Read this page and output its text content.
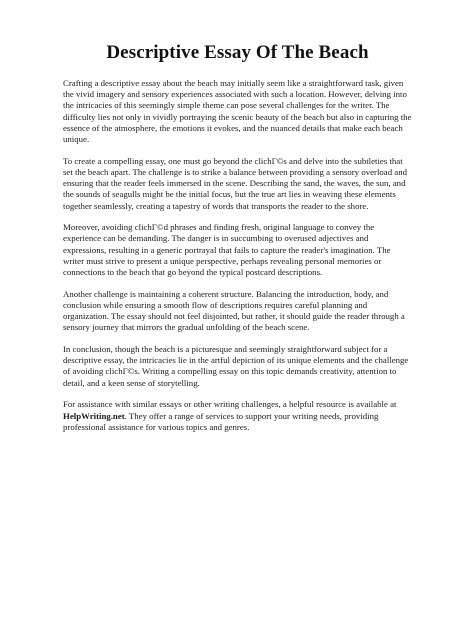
Descriptive Essay Of The Beach

Crafting a descriptive essay about the beach may initially seem like a straightforward task, given the vivid imagery and sensory experiences associated with such a location. However, delving into the intricacies of this seemingly simple theme can pose several challenges for the writer. The difficulty lies not only in vividly portraying the scenic beauty of the beach but also in capturing the essence of the atmosphere, the emotions it evokes, and the nuanced details that make each beach unique.

To create a compelling essay, one must go beyond the clichГ©s and delve into the subtleties that set the beach apart. The challenge is to strike a balance between providing a sensory overload and ensuring that the reader feels immersed in the scene. Describing the sand, the waves, the sun, and the sounds of seagulls might be the initial focus, but the true art lies in weaving these elements together seamlessly, creating a tapestry of words that transports the reader to the shore.

Moreover, avoiding clichГ©d phrases and finding fresh, original language to convey the experience can be demanding. The danger is in succumbing to overused adjectives and expressions, resulting in a generic portrayal that fails to capture the reader's imagination. The writer must strive to present a unique perspective, perhaps revealing personal memories or connections to the beach that go beyond the typical postcard descriptions.

Another challenge is maintaining a coherent structure. Balancing the introduction, body, and conclusion while ensuring a smooth flow of descriptions requires careful planning and organization. The essay should not feel disjointed, but rather, it should guide the reader through a sensory journey that mirrors the gradual unfolding of the beach scene.

In conclusion, though the beach is a picturesque and seemingly straightforward subject for a descriptive essay, the intricacies lie in the artful depiction of its unique elements and the challenge of avoiding clichГ©s. Writing a compelling essay on this topic demands creativity, attention to detail, and a keen sense of storytelling.

For assistance with similar essays or other writing challenges, a helpful resource is available at HelpWriting.net. They offer a range of services to support your writing needs, providing professional assistance for various topics and genres.
